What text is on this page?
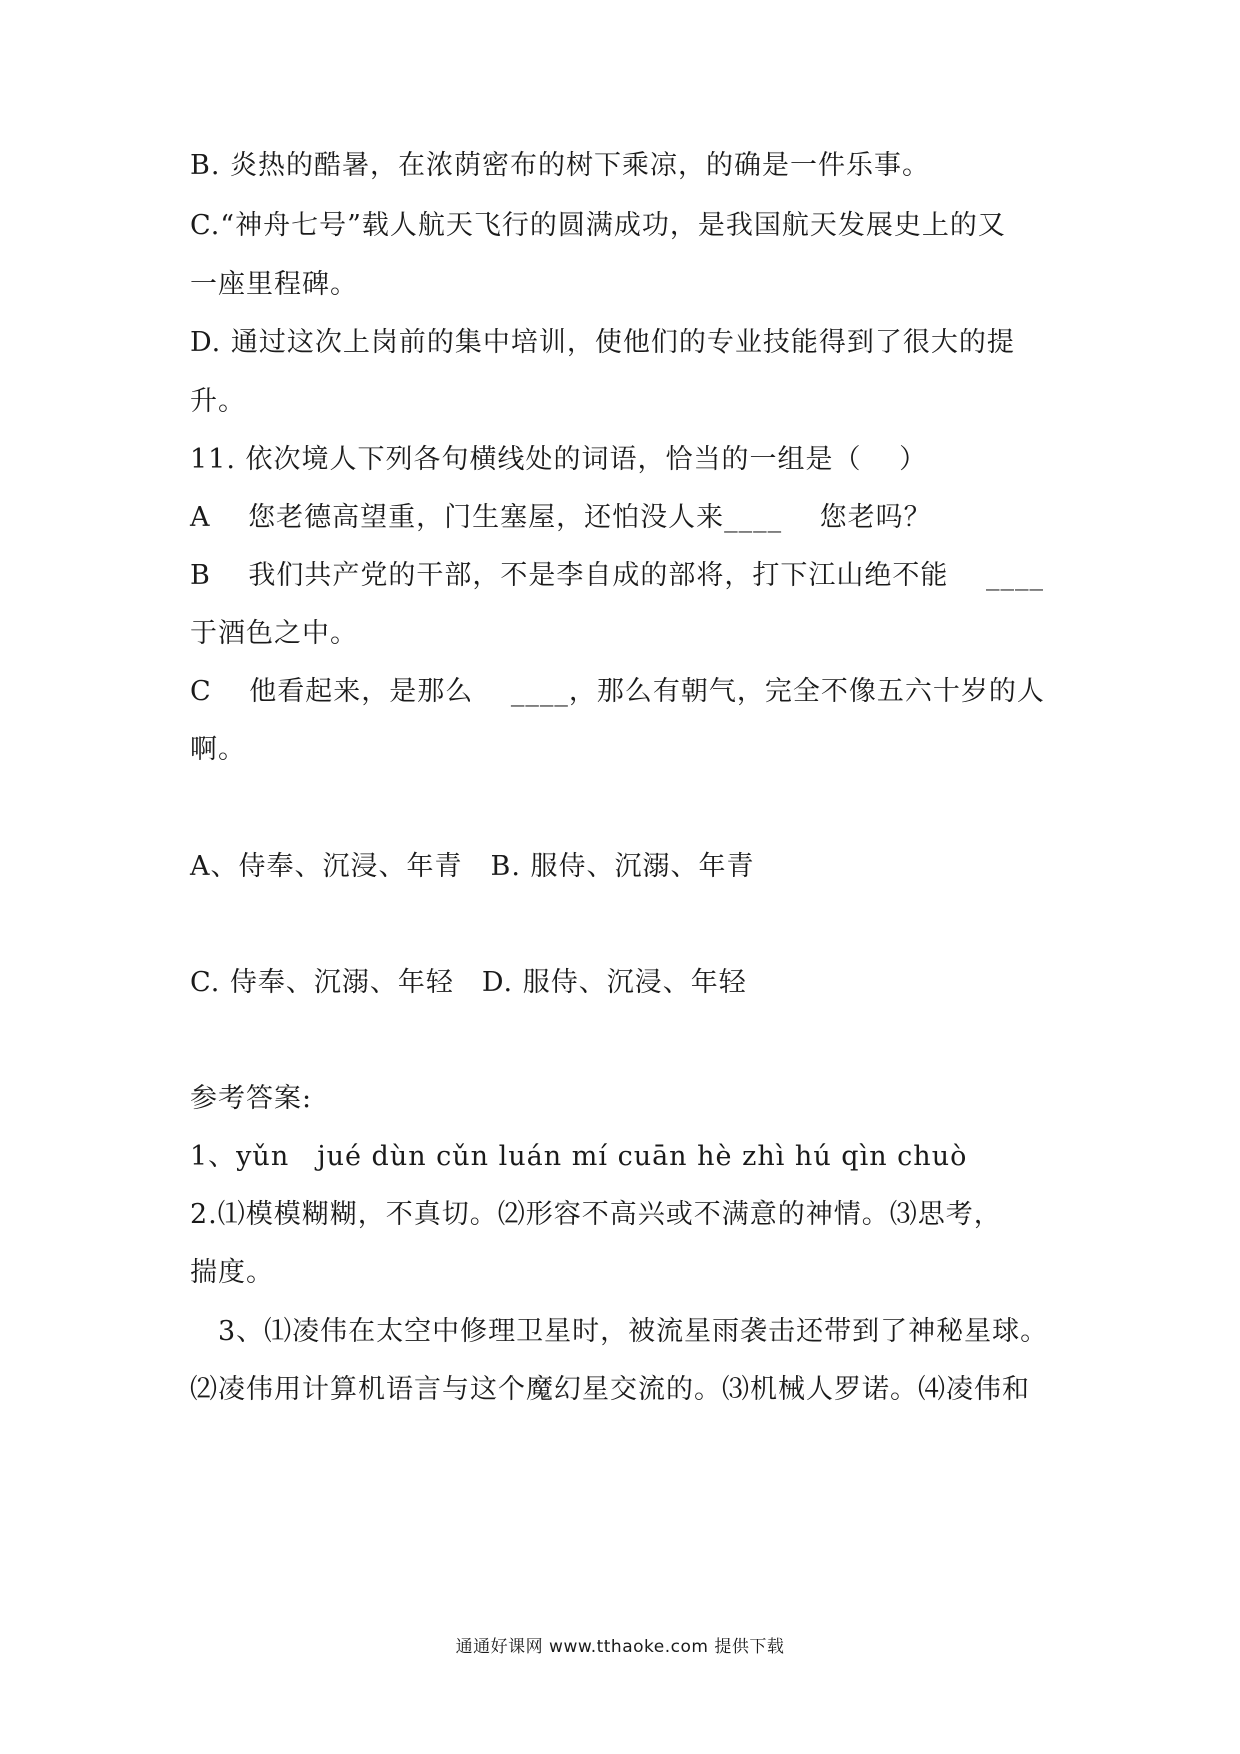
B. 炎热的酷暑，在浓荫密布的树下乘凉，的确是一件乐事。
C.“神舟七号”载人航天飞行的圆满成功，是我国航天发展史上的又
一座里程碑。
D. 通过这次上岗前的集中培训，使他们的专业技能得到了很大的提
升。
11. 依次境人下列各句横线处的词语，恰当的一组是（　 ）
A　 您老德高望重，门生塞屋，还怕没人来____　 您老吗？
B　 我们共产党的干部，不是李自成的部将，打下江山绝不能　 ____
于酒色之中。
C　 他看起来，是那么　 ____，那么有朝气，完全不像五六十岁的人
啊。
A、侍奉、沉浸、年青　B. 服侍、沉溺、年青
C. 侍奉、沉溺、年轻　D. 服侍、沉浸、年轻
参考答案:
1、yǔn　jué dùn cǔn luán mí cuān hè zhì hú qìn chuò
2.⑴模模糊糊，不真切。⑵形容不高兴或不满意的神情。⑶思考，
揣度。
　3、⑴凌伟在太空中修理卫星时，被流星雨袭击还带到了神秘星球。
⑵凌伟用计算机语言与这个魔幻星交流的。⑶机械人罗诺。⑷凌伟和
通通好课网 www.tthaoke.com 提供下载
